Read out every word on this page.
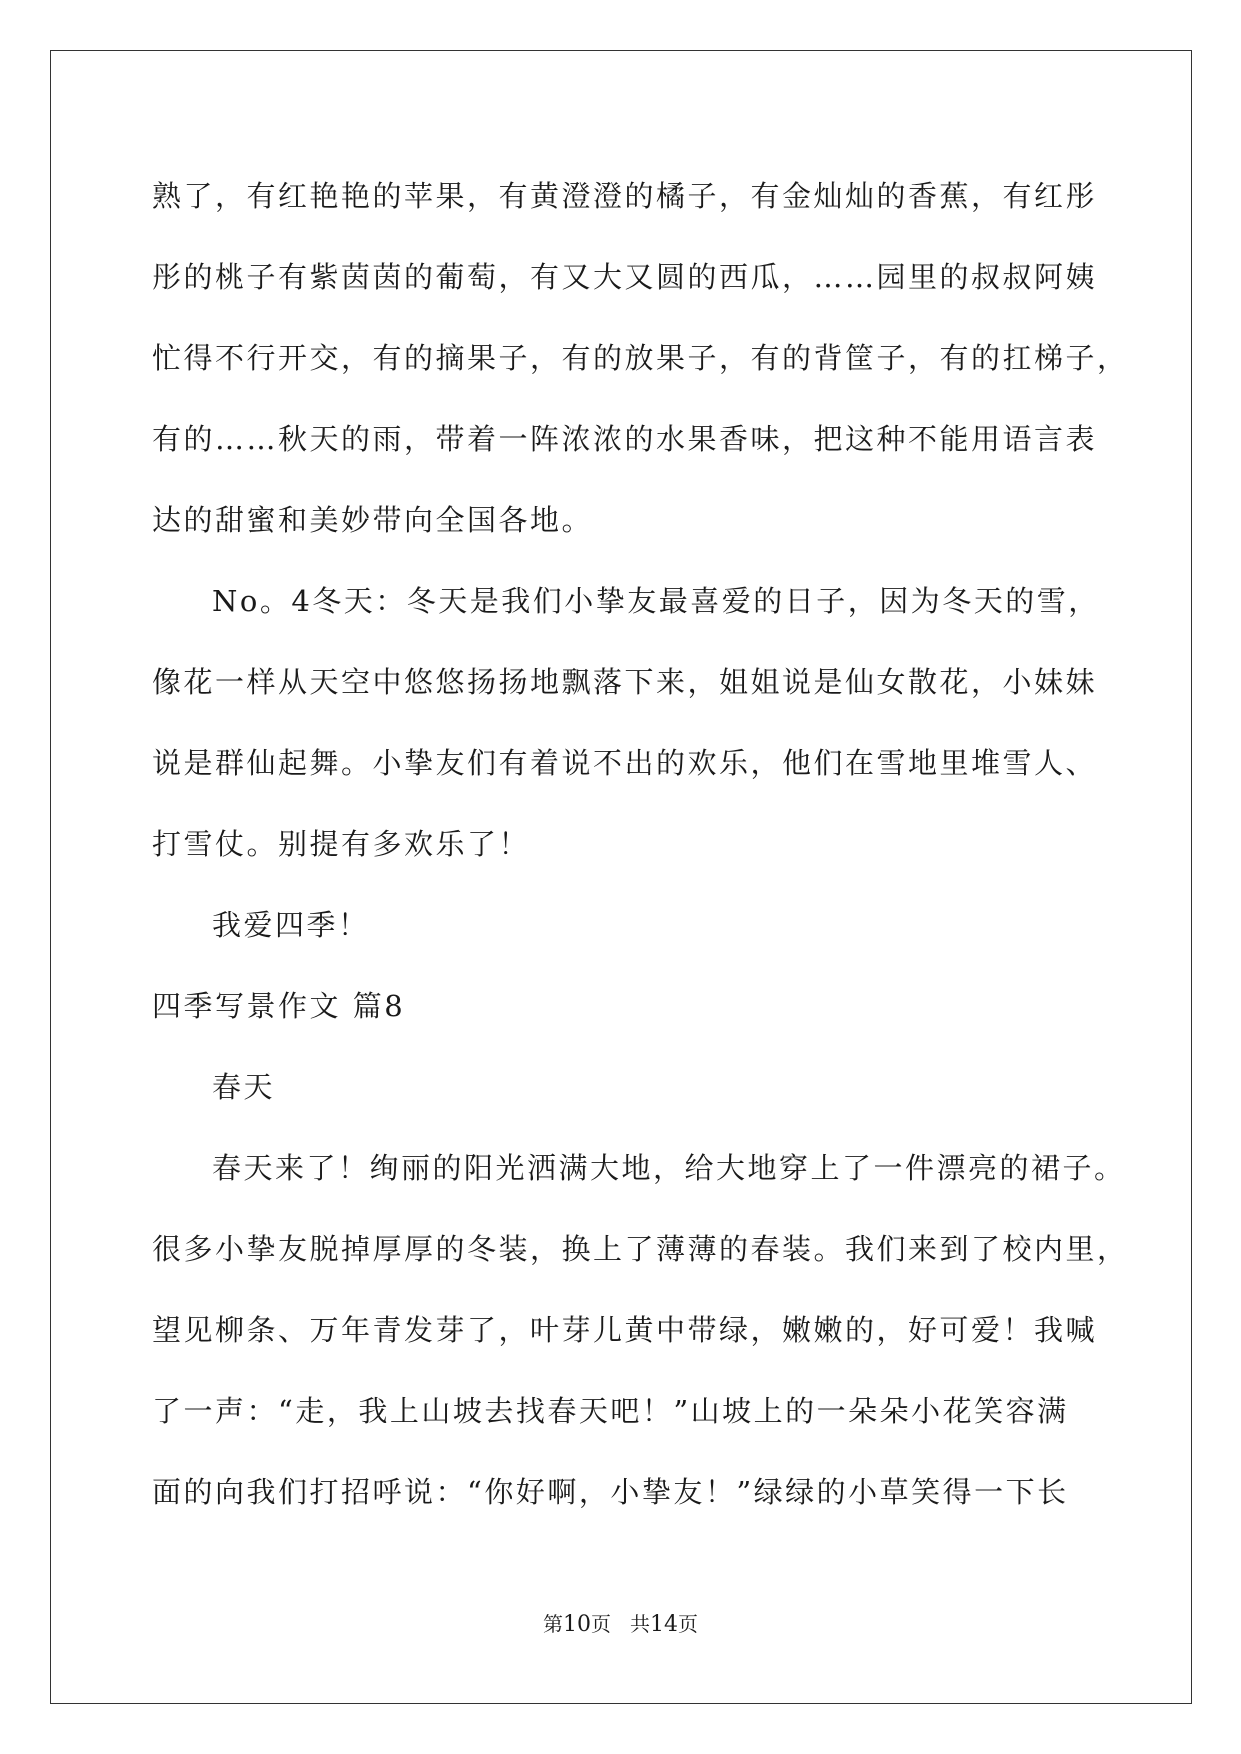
熟了，有红艳艳的苹果，有黄澄澄的橘子，有金灿灿的香蕉，有红彤
彤的桃子有紫茵茵的葡萄，有又大又圆的西瓜，……园里的叔叔阿姨
忙得不行开交，有的摘果子，有的放果子，有的背筐子，有的扛梯子，
有的……秋天的雨，带着一阵浓浓的水果香味，把这种不能用语言表
达的甜蜜和美妙带向全国各地。
No。4冬天：冬天是我们小挚友最喜爱的日子，因为冬天的雪，
像花一样从天空中悠悠扬扬地飘落下来，姐姐说是仙女散花，小妹妹
说是群仙起舞。小挚友们有着说不出的欢乐，他们在雪地里堆雪人、
打雪仗。别提有多欢乐了！
我爱四季！
四季写景作文 篇8
春天
春天来了！绚丽的阳光洒满大地，给大地穿上了一件漂亮的裙子。
很多小挚友脱掉厚厚的冬装，换上了薄薄的春装。我们来到了校内里，
望见柳条、万年青发芽了，叶芽儿黄中带绿，嫩嫩的，好可爱！我喊
了一声：“走，我上山坡去找春天吧！”山坡上的一朵朵小花笑容满
面的向我们打招呼说：“你好啊，小挚友！”绿绿的小草笑得一下长
第10页 共14页
